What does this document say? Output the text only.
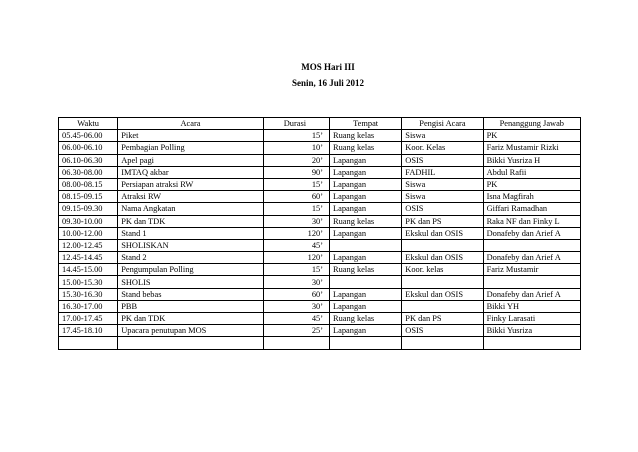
MOS Hari III
Senin, 16 Juli 2012
Waktu	Acara	Durasi	Tempat	Pengisi Acara	Penanggung Jawab
05.45-06.00	Piket	15’	Ruang kelas	Siswa	PK
06.00-06.10	Pembagian Polling	10’	Ruang kelas	Koor. Kelas	Fariz Mustamir Rizki
06.10-06.30	Apel pagi	20’	Lapangan	OSIS	Bikki Yusriza H
06.30-08.00	IMTAQ akbar	90’	Lapangan	FADHIL	Abdul Rafii
08.00-08.15	Persiapan atraksi RW	15’	Lapangan	Siswa	PK
08.15-09.15	Atraksi RW	60’	Lapangan	Siswa	Isna Magfirah
09.15-09.30	Nama Angkatan	15’	Lapangan	OSIS	Giffari Ramadhan
09.30-10.00	PK dan TDK	30’	Ruang kelas	PK dan PS	Raka NF dan Finky L
10.00-12.00	Stand 1	120’	Lapangan	Ekskul dan OSIS	Donafeby dan Arief A
12.00-12.45	SHOLISKAN	45’			
12.45-14.45	Stand 2	120’	Lapangan	Ekskul dan OSIS	Donafeby dan Arief A
14.45-15.00	Pengumpulan Polling	15’	Ruang kelas	Koor. kelas	Fariz Mustamir
15.00-15.30	SHOLIS	30’			
15.30-16.30	Stand bebas	60’	Lapangan	Ekskul dan OSIS	Donafeby dan Arief A
16.30-17.00	PBB	30’	Lapangan		Bikki YH
17.00-17.45	PK dan TDK	45’	Ruang kelas	PK dan PS	Finky Larasati
17.45-18.10	Upacara penutupan MOS	25’	Lapangan	OSIS	Bikki Yusriza
